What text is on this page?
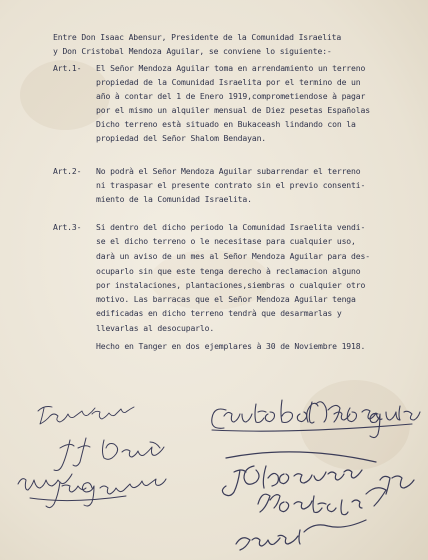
Entre Don Isaac Abensur, Presidente de la Comunidad Israelita

y Don Cristobal Mendoza Aguilar, se conviene lo siguiente:-

Art.1-

El Señor Mendoza Aguilar toma en arrendamiento un terreno

propiedad de la Comunidad Israelita por el termino de un

año à contar del 1 de Enero 1919,comprometiendose à pagar

por el mismo un alquiler mensual de Diez pesetas Españolas

Dicho terreno està situado en Bukaceash lindando con la

propiedad del Señor Shalom Bendayan.

Art.2-

No podrà el Señor Mendoza Aguilar subarrendar el terreno

ni traspasar el presente contrato sin el previo consenti-

miento de la Comunidad Israelita.

Art.3-

Si dentro del dicho periodo la Comunidad Israelita vendi-

se el dicho terreno o le necesitase para cualquier uso,

darà un aviso de un mes al Señor Mendoza Aguilar para des-

ocuparlo sin que este tenga derecho à reclamacion alguno

por instalaciones, plantaciones,siembras o cualquier otro

motivo. Las barracas que el Señor Mendoza Aguilar tenga

edificadas en dicho terreno tendrà que desarmarlas y

llevarlas al desocuparlo.

Hecho en Tanger en dos ejemplares à 30 de Noviembre 1918.
